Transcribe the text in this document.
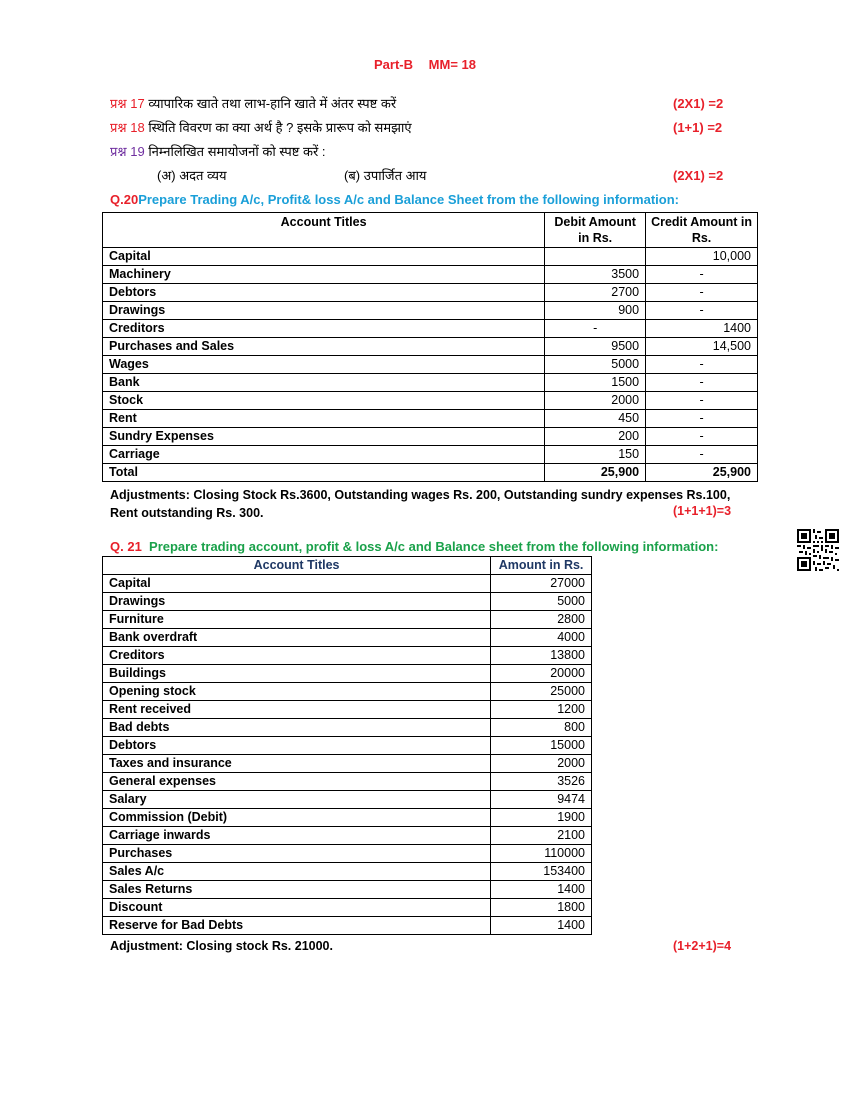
Part-B MM= 18
प्रश्न 17 व्यापारिक खाते तथा लाभ-हानि खाते में अंतर स्पष्ट करें	(2X1) =2
प्रश्न 18 स्थिति विवरण का क्या अर्थ है ? इसके प्रारूप को समझाएं	(1+1) =2
प्रश्न 19 निम्नलिखित समायोजनों को स्पष्ट करें :
(अ) अदत व्यय	(ब) उपार्जित आय	(2X1) =2
Q.20Prepare Trading A/c, Profit& loss A/c and Balance Sheet from the following information:
Account Titles	Debit Amount in Rs.	Credit Amount in Rs.
Capital		10,000
Machinery	3500	-
Debtors	2700	-
Drawings	900	-
Creditors	-	1400
Purchases and Sales	9500	14,500
Wages	5000	-
Bank	1500	-
Stock	2000	-
Rent	450	-
Sundry Expenses	200	-
Carriage	150	-
Total	25,900	25,900
Adjustments: Closing Stock Rs.3600, Outstanding wages Rs. 200, Outstanding sundry expenses Rs.100,
Rent outstanding Rs. 300.	(1+1+1)=3
Q. 21 Prepare trading account, profit & loss A/c and Balance sheet from the following information:
Account Titles	Amount in Rs.
Capital	27000
Drawings	5000
Furniture	2800
Bank overdraft	4000
Creditors	13800
Buildings	20000
Opening stock	25000
Rent received	1200
Bad debts	800
Debtors	15000
Taxes and insurance	2000
General expenses	3526
Salary	9474
Commission (Debit)	1900
Carriage inwards	2100
Purchases	110000
Sales A/c	153400
Sales Returns	1400
Discount	1800
Reserve for Bad Debts	1400
Adjustment: Closing stock Rs. 21000.	(1+2+1)=4
